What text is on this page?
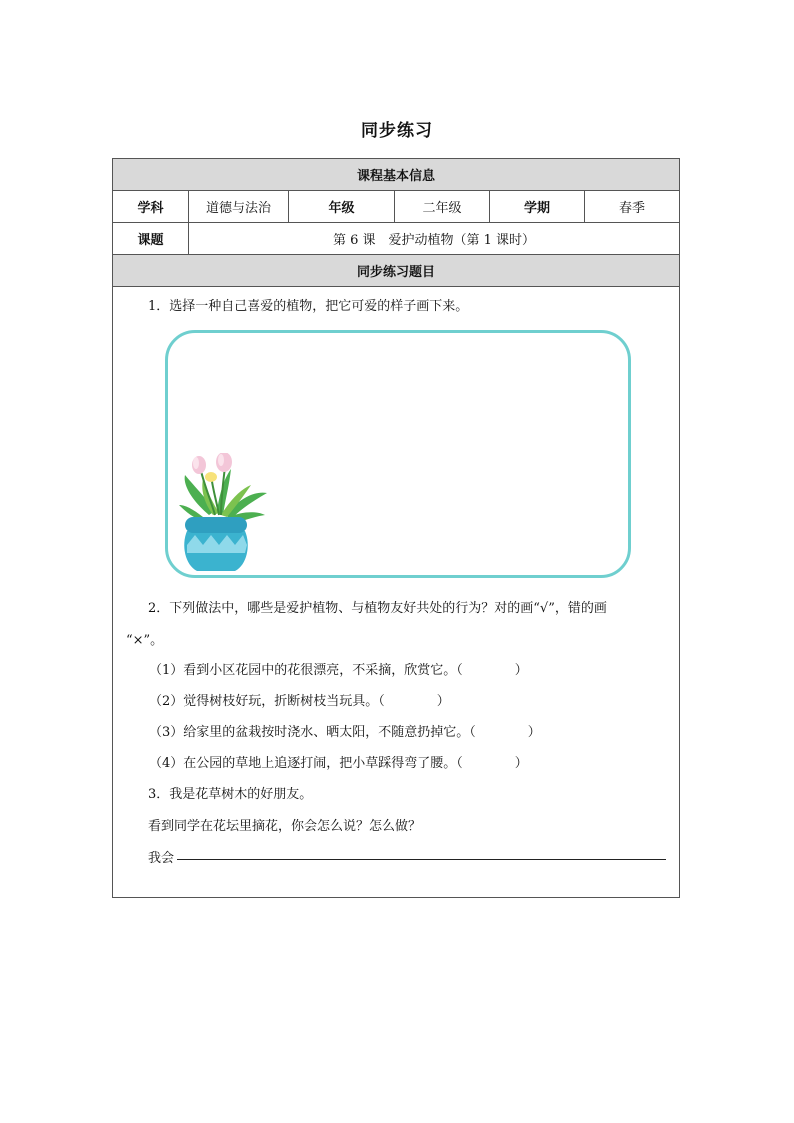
同步练习
课程基本信息
学科	道德与法治	年级	二年级	学期	春季
课题	第 6 课　爱护动植物（第 1 课时）
同步练习题目
1．选择一种自己喜爱的植物，把它可爱的样子画下来。
2．下列做法中，哪些是爱护植物、与植物友好共处的行为？对的画“√”，错的画
“×”。
（1）看到小区花园中的花很漂亮，不采摘，欣赏它。（　　　　）
（2）觉得树枝好玩，折断树枝当玩具。（　　　　）
（3）给家里的盆栽按时浇水、晒太阳，不随意扔掉它。（　　　　）
（4）在公园的草地上追逐打闹，把小草踩得弯了腰。（　　　　）
3．我是花草树木的好朋友。
看到同学在花坛里摘花，你会怎么说？怎么做？
我会
